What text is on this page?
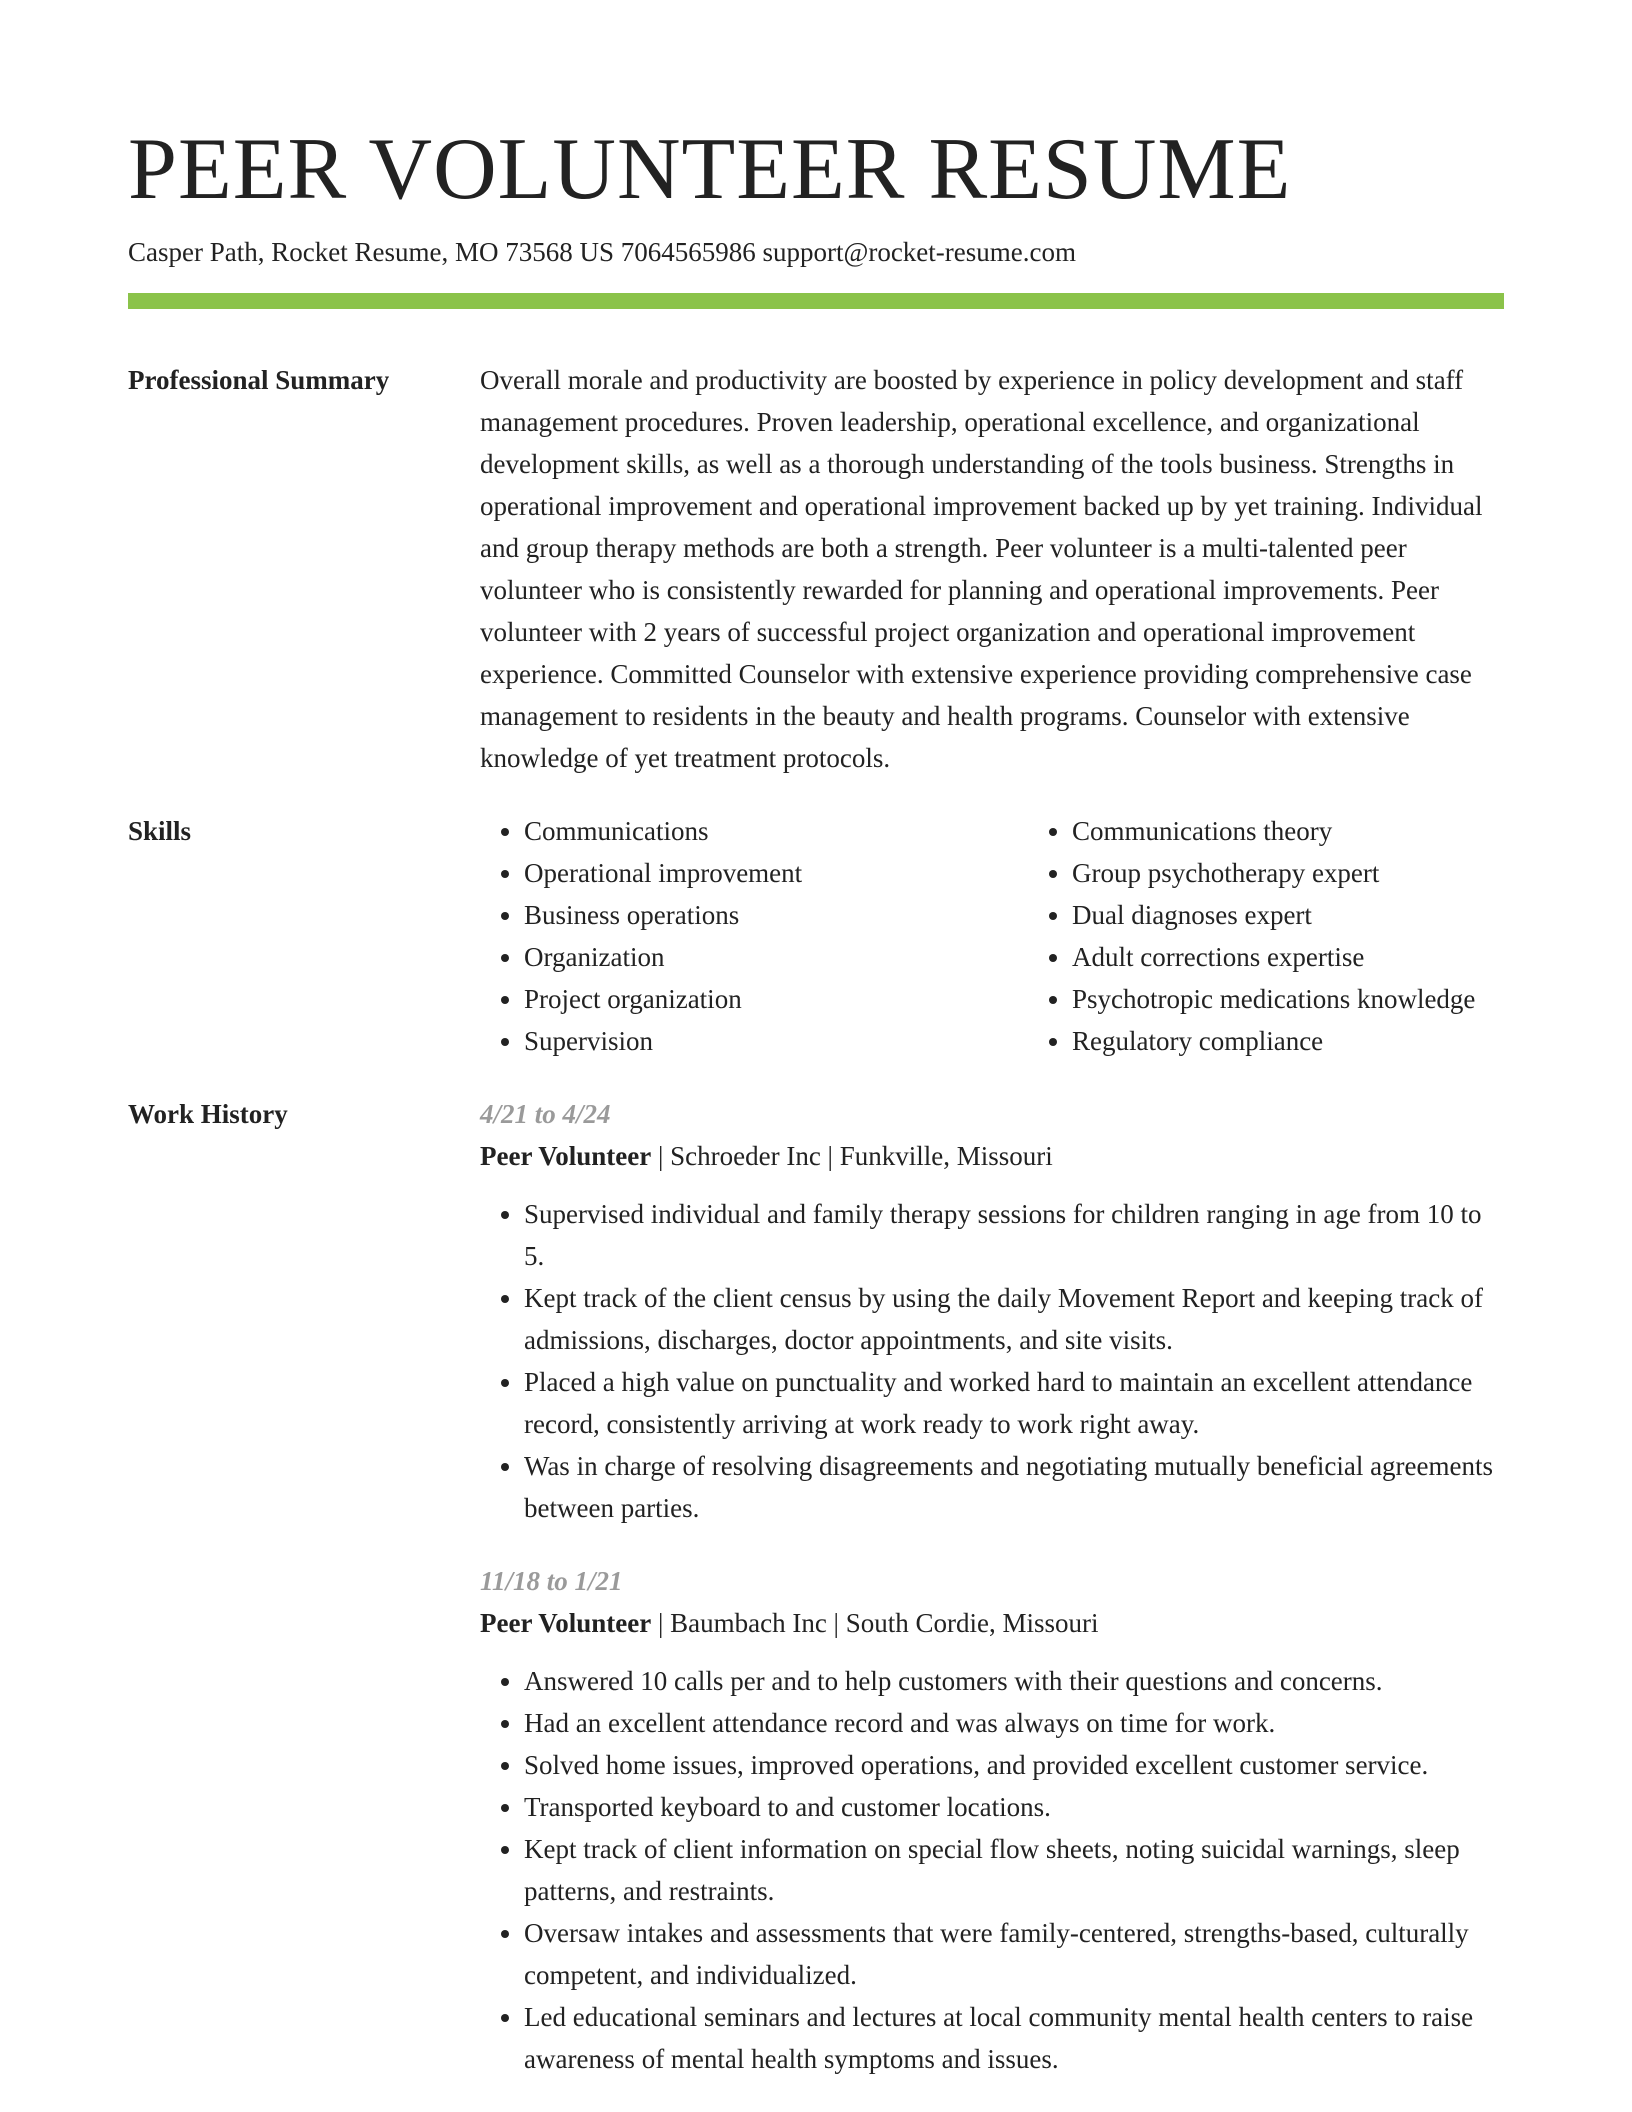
PEER VOLUNTEER RESUME
Casper Path, Rocket Resume, MO 73568 US 7064565986 support@rocket-resume.com
Professional Summary	Overall morale and productivity are boosted by experience in policy development and staff management procedures. Proven leadership, operational excellence, and organizational development skills, as well as a thorough understanding of the tools business. Strengths in operational improvement and operational improvement backed up by yet training. Individual and group therapy methods are both a strength. Peer volunteer is a multi-talented peer volunteer who is consistently rewarded for planning and operational improvements. Peer volunteer with 2 years of successful project organization and operational improvement experience. Committed Counselor with extensive experience providing comprehensive case management to residents in the beauty and health programs. Counselor with extensive knowledge of yet treatment protocols.
Skills
•	Communications
• Operational improvement
• Business operations
• Organization
• Project organization
• Supervision
• Communications theory
• Group psychotherapy expert
• Dual diagnoses expert
• Adult corrections expertise
• Psychotropic medications knowledge
• Regulatory compliance
Work History	4/21 to 4/24
Peer Volunteer | Schroeder Inc | Funkville, Missouri
• Supervised individual and family therapy sessions for children ranging in age from 10 to 5.
• Kept track of the client census by using the daily Movement Report and keeping track of admissions, discharges, doctor appointments, and site visits.
• Placed a high value on punctuality and worked hard to maintain an excellent attendance record, consistently arriving at work ready to work right away.
• Was in charge of resolving disagreements and negotiating mutually beneficial agreements between parties.
11/18 to 1/21
Peer Volunteer | Baumbach Inc | South Cordie, Missouri
• Answered 10 calls per and to help customers with their questions and concerns.
• Had an excellent attendance record and was always on time for work.
• Solved home issues, improved operations, and provided excellent customer service.
• Transported keyboard to and customer locations.
• Kept track of client information on special flow sheets, noting suicidal warnings, sleep patterns, and restraints.
• Oversaw intakes and assessments that were family-centered, strengths-based, culturally competent, and individualized.
• Led educational seminars and lectures at local community mental health centers to raise awareness of mental health symptoms and issues.
